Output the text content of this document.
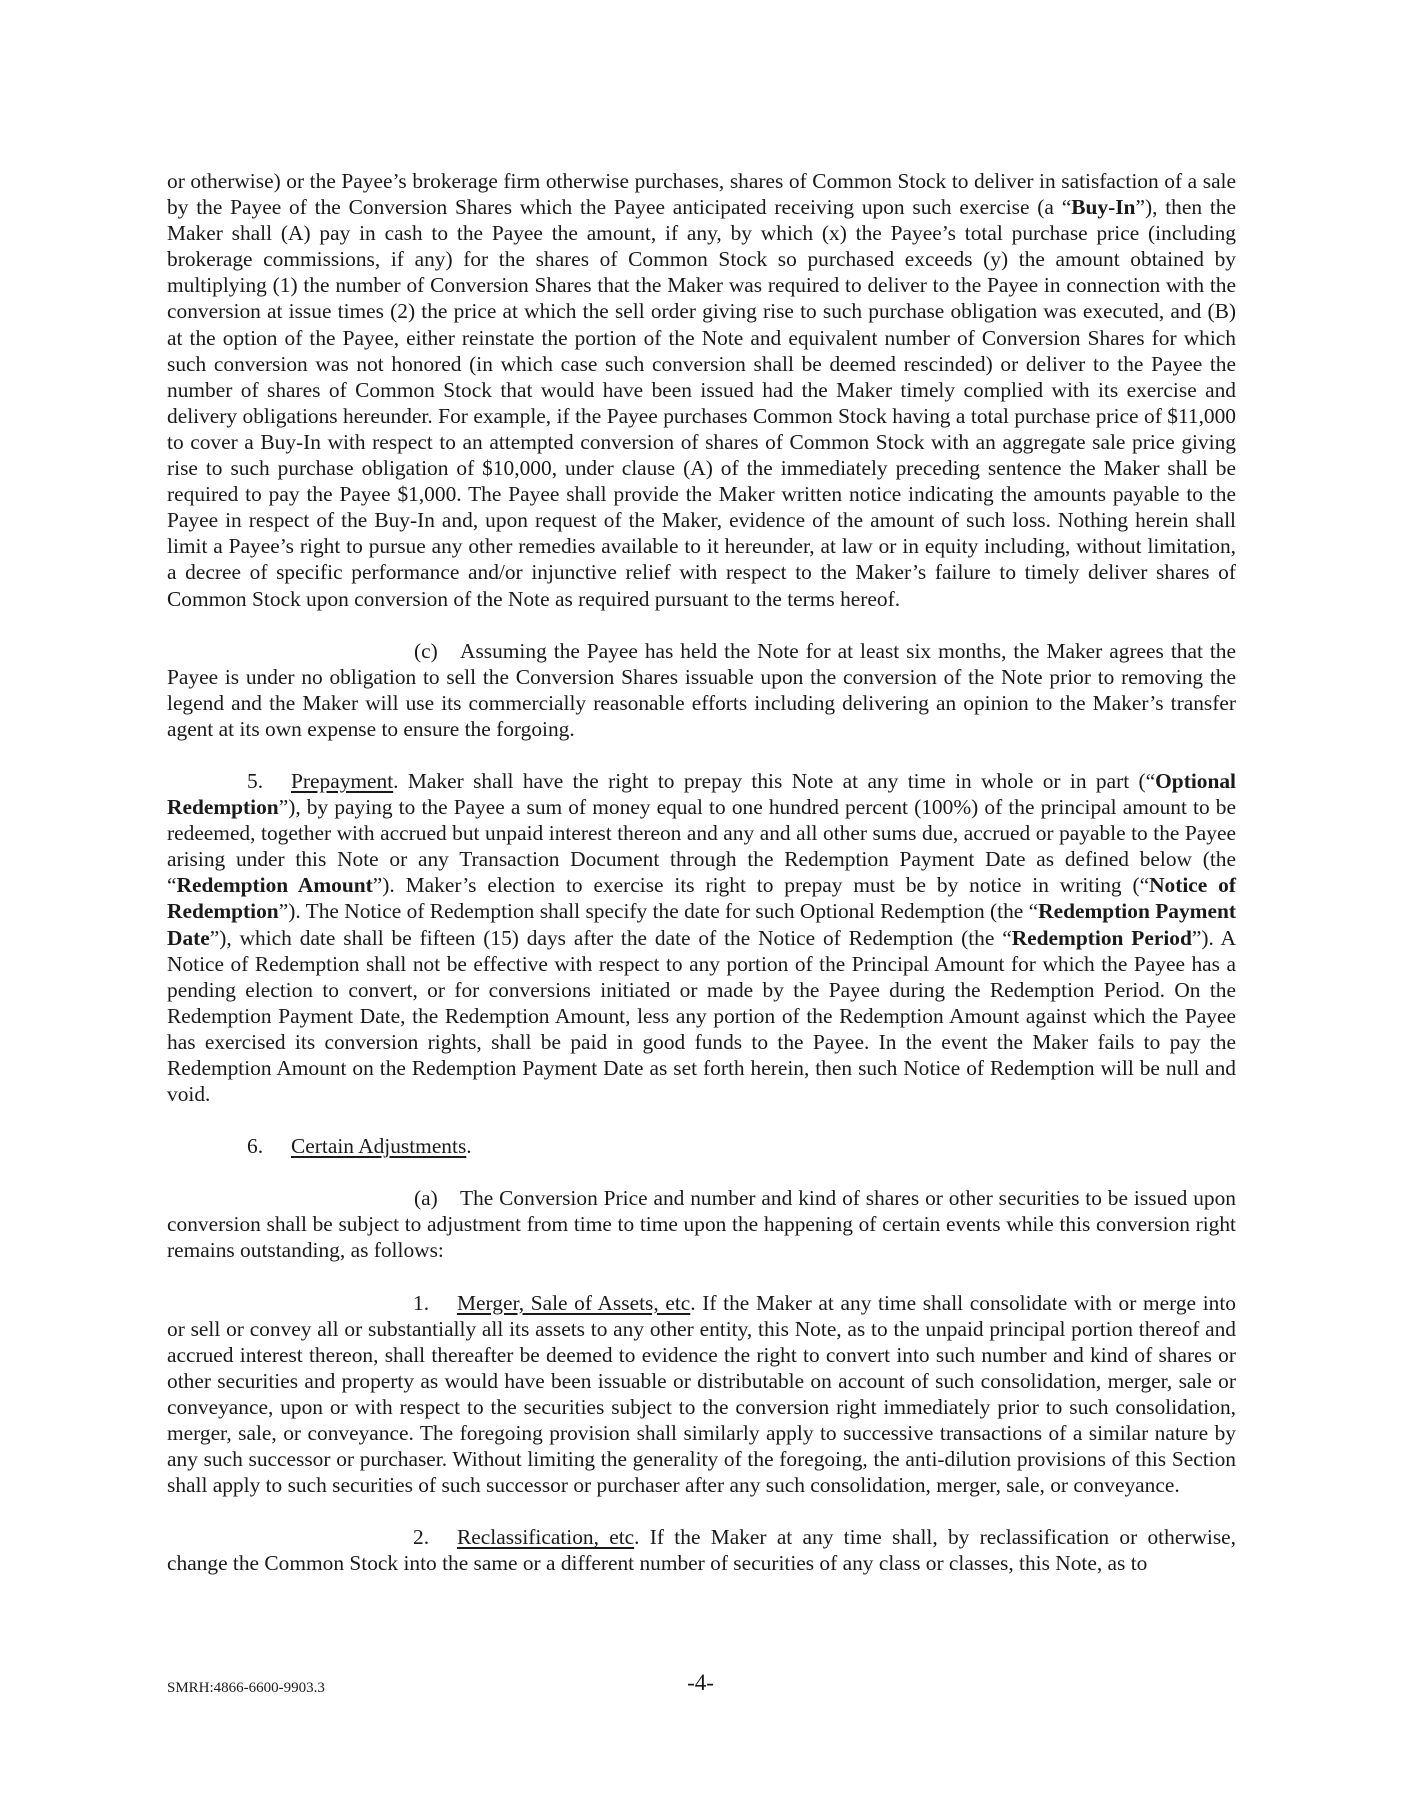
or otherwise) or the Payee’s brokerage firm otherwise purchases, shares of Common Stock to deliver in satisfaction of a sale by the Payee of the Conversion Shares which the Payee anticipated receiving upon such exercise (a “Buy-In”), then the Maker shall (A) pay in cash to the Payee the amount, if any, by which (x) the Payee’s total purchase price (including brokerage commissions, if any) for the shares of Common Stock so purchased exceeds (y) the amount obtained by multiplying (1) the number of Conversion Shares that the Maker was required to deliver to the Payee in connection with the conversion at issue times (2) the price at which the sell order giving rise to such purchase obligation was executed, and (B) at the option of the Payee, either reinstate the portion of the Note and equivalent number of Conversion Shares for which such conversion was not honored (in which case such conversion shall be deemed rescinded) or deliver to the Payee the number of shares of Common Stock that would have been issued had the Maker timely complied with its exercise and delivery obligations hereunder. For example, if the Payee purchases Common Stock having a total purchase price of $11,000 to cover a Buy-In with respect to an attempted conversion of shares of Common Stock with an aggregate sale price giving rise to such purchase obligation of $10,000, under clause (A) of the immediately preceding sentence the Maker shall be required to pay the Payee $1,000. The Payee shall provide the Maker written notice indicating the amounts payable to the Payee in respect of the Buy-In and, upon request of the Maker, evidence of the amount of such loss. Nothing herein shall limit a Payee’s right to pursue any other remedies available to it hereunder, at law or in equity including, without limitation, a decree of specific performance and/or injunctive relief with respect to the Maker’s failure to timely deliver shares of Common Stock upon conversion of the Note as required pursuant to the terms hereof.

(c) Assuming the Payee has held the Note for at least six months, the Maker agrees that the Payee is under no obligation to sell the Conversion Shares issuable upon the conversion of the Note prior to removing the legend and the Maker will use its commercially reasonable efforts including delivering an opinion to the Maker’s transfer agent at its own expense to ensure the forgoing.

5. Prepayment. Maker shall have the right to prepay this Note at any time in whole or in part (“Optional Redemption”), by paying to the Payee a sum of money equal to one hundred percent (100%) of the principal amount to be redeemed, together with accrued but unpaid interest thereon and any and all other sums due, accrued or payable to the Payee arising under this Note or any Transaction Document through the Redemption Payment Date as defined below (the “Redemption Amount”). Maker’s election to exercise its right to prepay must be by notice in writing (“Notice of Redemption”). The Notice of Redemption shall specify the date for such Optional Redemption (the “Redemption Payment Date”), which date shall be fifteen (15) days after the date of the Notice of Redemption (the “Redemption Period”). A Notice of Redemption shall not be effective with respect to any portion of the Principal Amount for which the Payee has a pending election to convert, or for conversions initiated or made by the Payee during the Redemption Period. On the Redemption Payment Date, the Redemption Amount, less any portion of the Redemption Amount against which the Payee has exercised its conversion rights, shall be paid in good funds to the Payee. In the event the Maker fails to pay the Redemption Amount on the Redemption Payment Date as set forth herein, then such Notice of Redemption will be null and void.

6. Certain Adjustments.

(a) The Conversion Price and number and kind of shares or other securities to be issued upon conversion shall be subject to adjustment from time to time upon the happening of certain events while this conversion right remains outstanding, as follows:

1. Merger, Sale of Assets, etc. If the Maker at any time shall consolidate with or merge into or sell or convey all or substantially all its assets to any other entity, this Note, as to the unpaid principal portion thereof and accrued interest thereon, shall thereafter be deemed to evidence the right to convert into such number and kind of shares or other securities and property as would have been issuable or distributable on account of such consolidation, merger, sale or conveyance, upon or with respect to the securities subject to the conversion right immediately prior to such consolidation, merger, sale, or conveyance. The foregoing provision shall similarly apply to successive transactions of a similar nature by any such successor or purchaser. Without limiting the generality of the foregoing, the anti-dilution provisions of this Section shall apply to such securities of such successor or purchaser after any such consolidation, merger, sale, or conveyance.

2. Reclassification, etc. If the Maker at any time shall, by reclassification or otherwise, change the Common Stock into the same or a different number of securities of any class or classes, this Note, as to

SMRH:4866-6600-9903.3	-4-
